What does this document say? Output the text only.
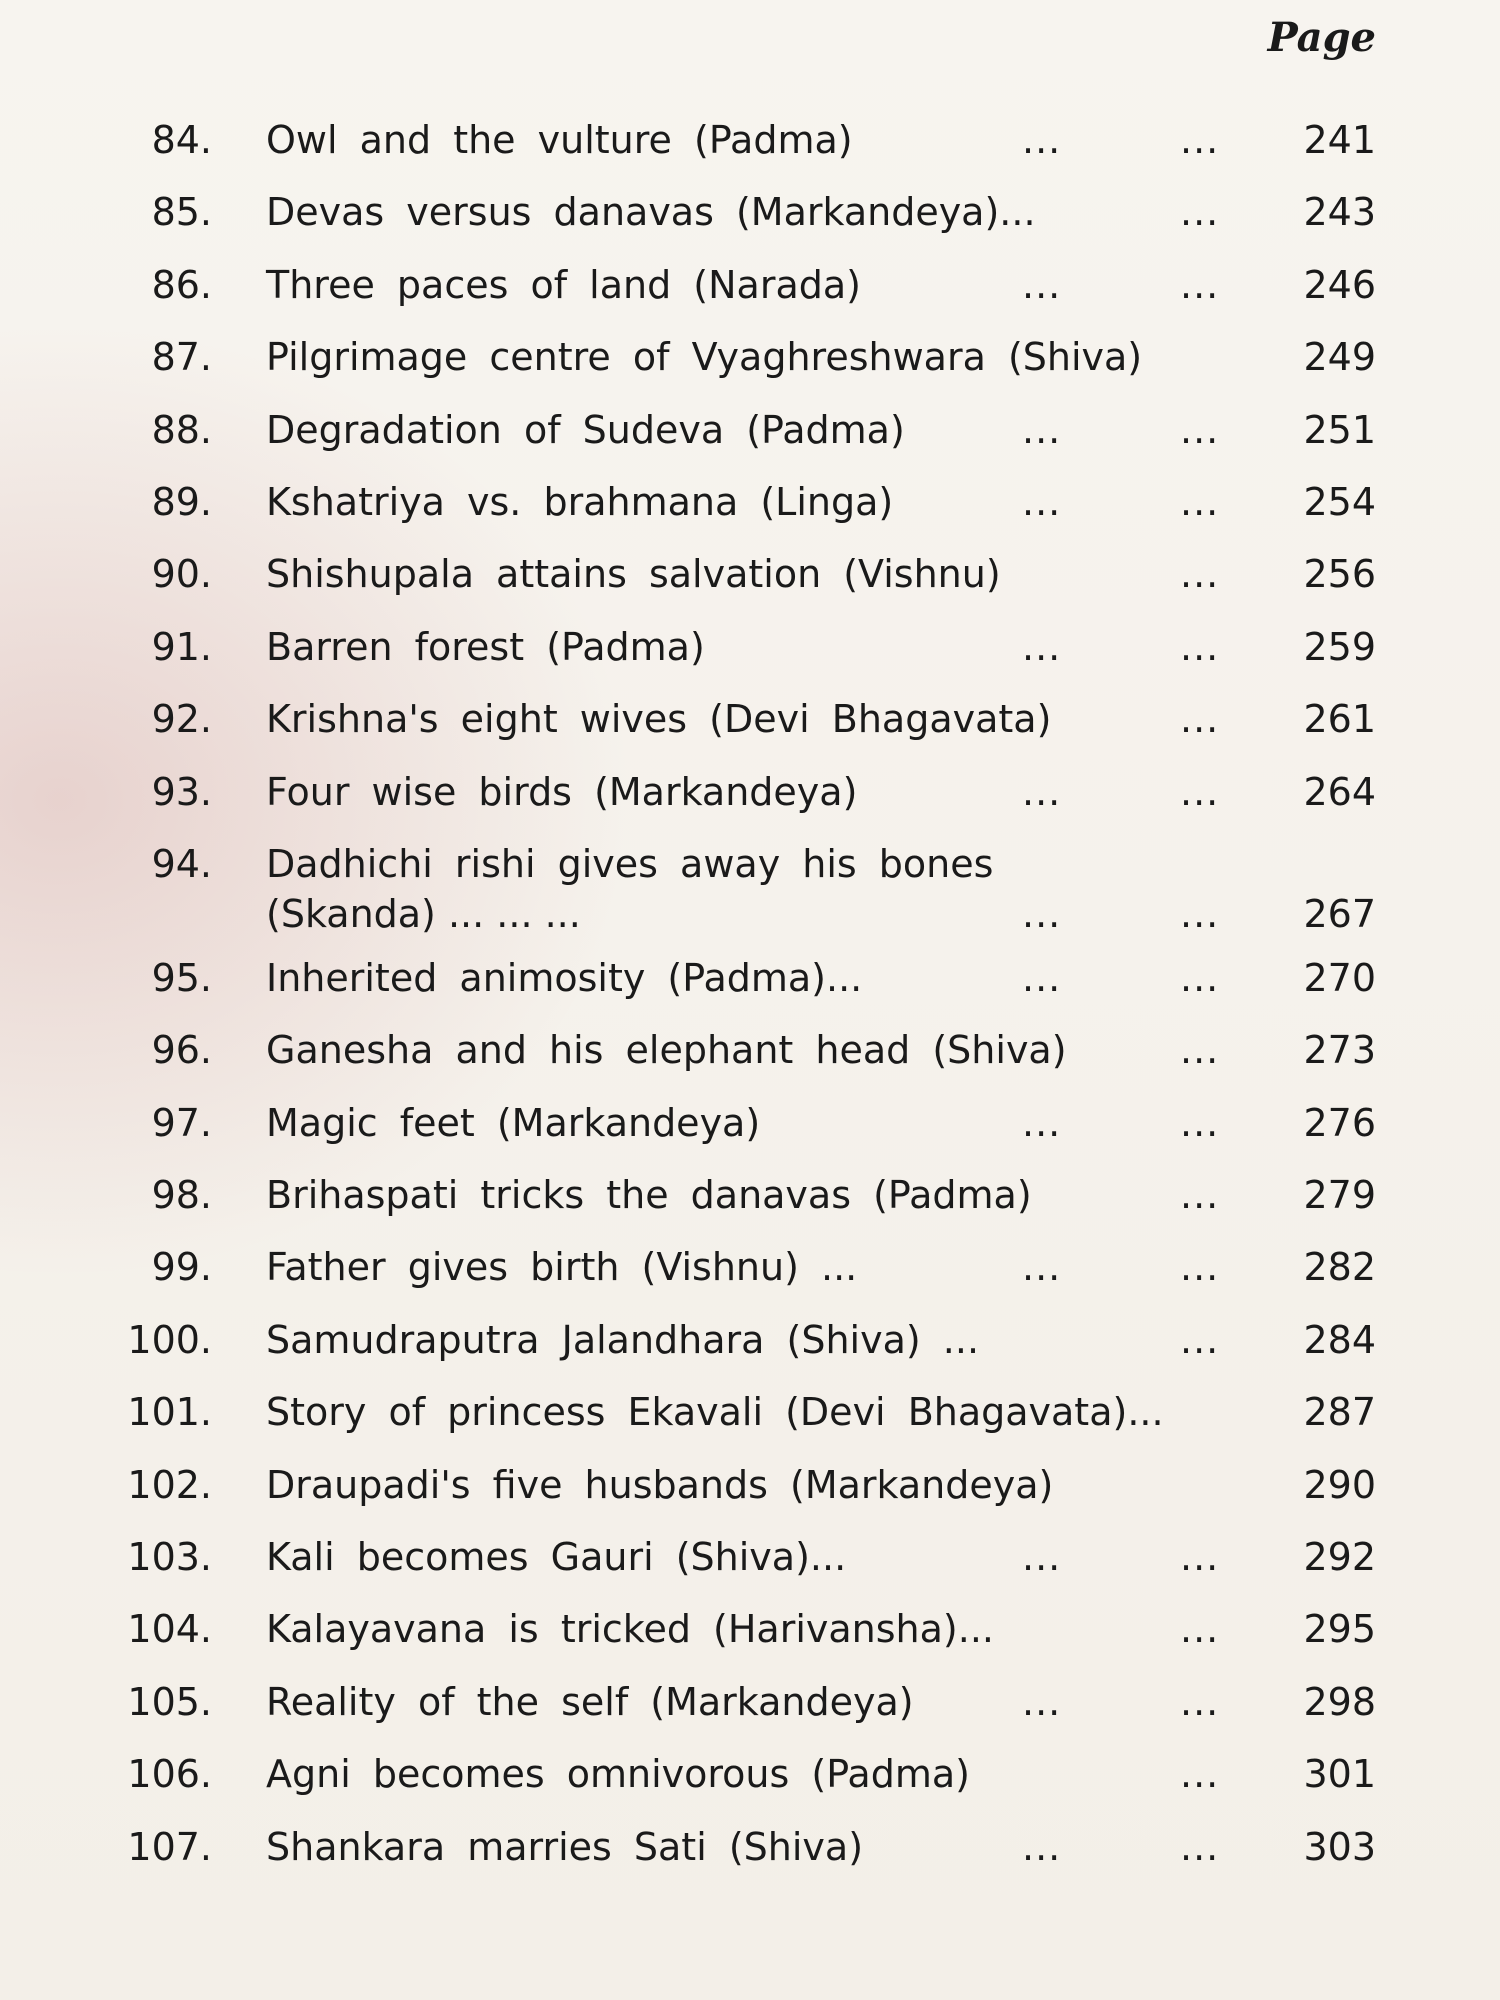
Page
84. Owl and the vulture (Padma)	...	... 241
85. Devas versus danavas (Markandeya)...	... 243
86. Three paces of land (Narada)	...	... 246
87. Pilgrimage centre of Vyaghreshwara (Shiva)	249
88. Degradation of Sudeva (Padma)	...	... 251
89. Kshatriya vs. brahmana (Linga)	...	... 254
90. Shishupala attains salvation (Vishnu)	... 256
91. Barren forest (Padma)	...	... 259
92. Krishna's eight wives (Devi Bhagavata)	... 261
93. Four wise birds (Markandeya)	...	... 264
94. Dadhichi rishi gives away his bones
(Skanda) ... ... ...	...	... 267
95. Inherited animosity (Padma)...	...	... 270
96. Ganesha and his elephant head (Shiva)	... 273
97. Magic feet (Markandeya)	...	... 276
98. Brihaspati tricks the danavas (Padma)	... 279
99. Father gives birth (Vishnu) ...	...	... 282
100. Samudraputra Jalandhara (Shiva) ...	... 284
101. Story of princess Ekavali (Devi Bhagavata)...	287
102. Draupadi's five husbands (Markandeya)	290
103. Kali becomes Gauri (Shiva)...	...	... 292
104. Kalayavana is tricked (Harivansha)...	... 295
105. Reality of the self (Markandeya)	...	... 298
106. Agni becomes omnivorous (Padma)	... 301
107. Shankara marries Sati (Shiva)	...	... 303
